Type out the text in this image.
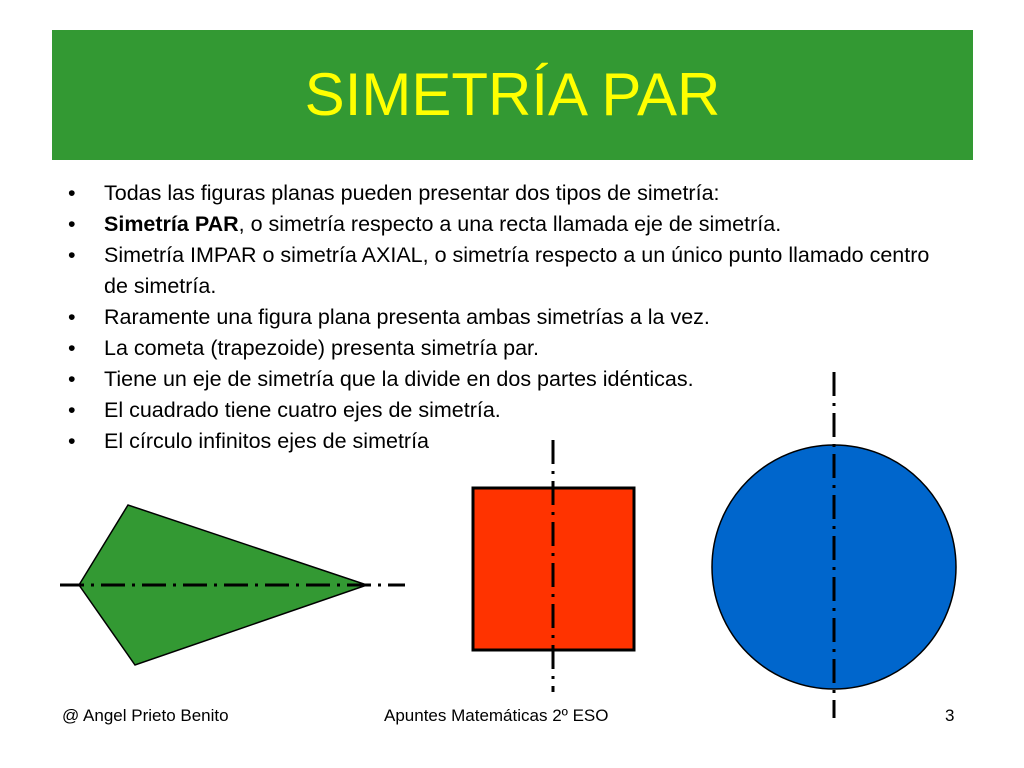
SIMETRÍA PAR
• Todas las figuras planas pueden presentar dos tipos de simetría:
• Simetría PAR, o simetría respecto a una recta llamada eje de simetría.
• Simetría IMPAR o simetría AXIAL, o simetría respecto a un único punto llamado centro de simetría.
• Raramente una figura plana presenta ambas simetrías a la vez.
• La cometa (trapezoide) presenta simetría par.
• Tiene un eje de simetría que la divide en dos partes idénticas.
• El cuadrado tiene cuatro ejes de simetría.
• El círculo infinitos ejes de simetría
@ Angel Prieto Benito	Apuntes Matemáticas 2º ESO	3
